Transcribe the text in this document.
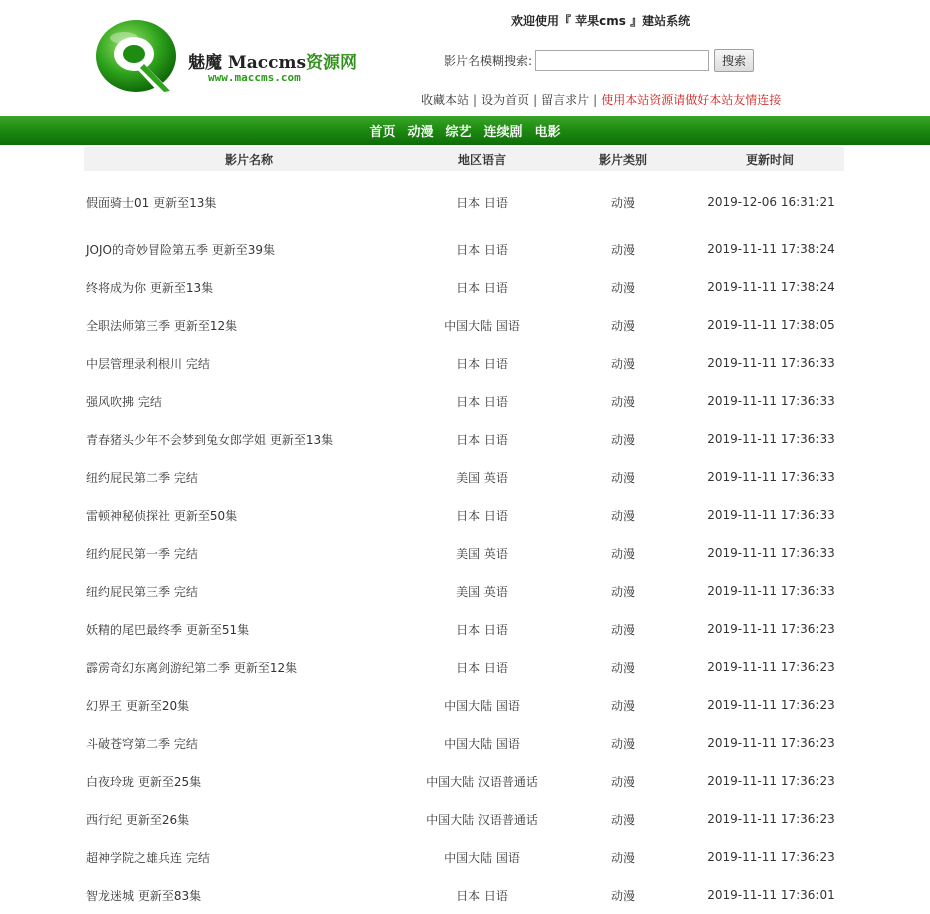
魅魔 Maccms资源网
www.maccms.com
欢迎使用『 苹果cms 』建站系统
影片名模糊搜索:	搜索
收藏本站 | 设为首页 | 留言求片 | 使用本站资源请做好本站友情连接
首页 动漫 综艺 连续剧 电影
影片名称	地区语言	影片类别	更新时间
假面骑士01 更新至13集	日本 日语	动漫	2019-12-06 16:31:21
JOJO的奇妙冒险第五季 更新至39集	日本 日语	动漫	2019-11-11 17:38:24
终将成为你 更新至13集	日本 日语	动漫	2019-11-11 17:38:24
全职法师第三季 更新至12集	中国大陆 国语	动漫	2019-11-11 17:38:05
中层管理录利根川 完结	日本 日语	动漫	2019-11-11 17:36:33
强风吹拂 完结	日本 日语	动漫	2019-11-11 17:36:33
青春猪头少年不会梦到兔女郎学姐 更新至13集	日本 日语	动漫	2019-11-11 17:36:33
纽约屁民第二季 完结	美国 英语	动漫	2019-11-11 17:36:33
雷顿神秘侦探社 更新至50集	日本 日语	动漫	2019-11-11 17:36:33
纽约屁民第一季 完结	美国 英语	动漫	2019-11-11 17:36:33
纽约屁民第三季 完结	美国 英语	动漫	2019-11-11 17:36:33
妖精的尾巴最终季 更新至51集	日本 日语	动漫	2019-11-11 17:36:23
霹雳奇幻东离剑游纪第二季 更新至12集	日本 日语	动漫	2019-11-11 17:36:23
幻界王 更新至20集	中国大陆 国语	动漫	2019-11-11 17:36:23
斗破苍穹第二季 完结	中国大陆 国语	动漫	2019-11-11 17:36:23
白夜玲珑 更新至25集	中国大陆 汉语普通话	动漫	2019-11-11 17:36:23
西行纪 更新至26集	中国大陆 汉语普通话	动漫	2019-11-11 17:36:23
超神学院之雄兵连 完结	中国大陆 国语	动漫	2019-11-11 17:36:23
智龙迷城 更新至83集	日本 日语	动漫	2019-11-11 17:36:01
